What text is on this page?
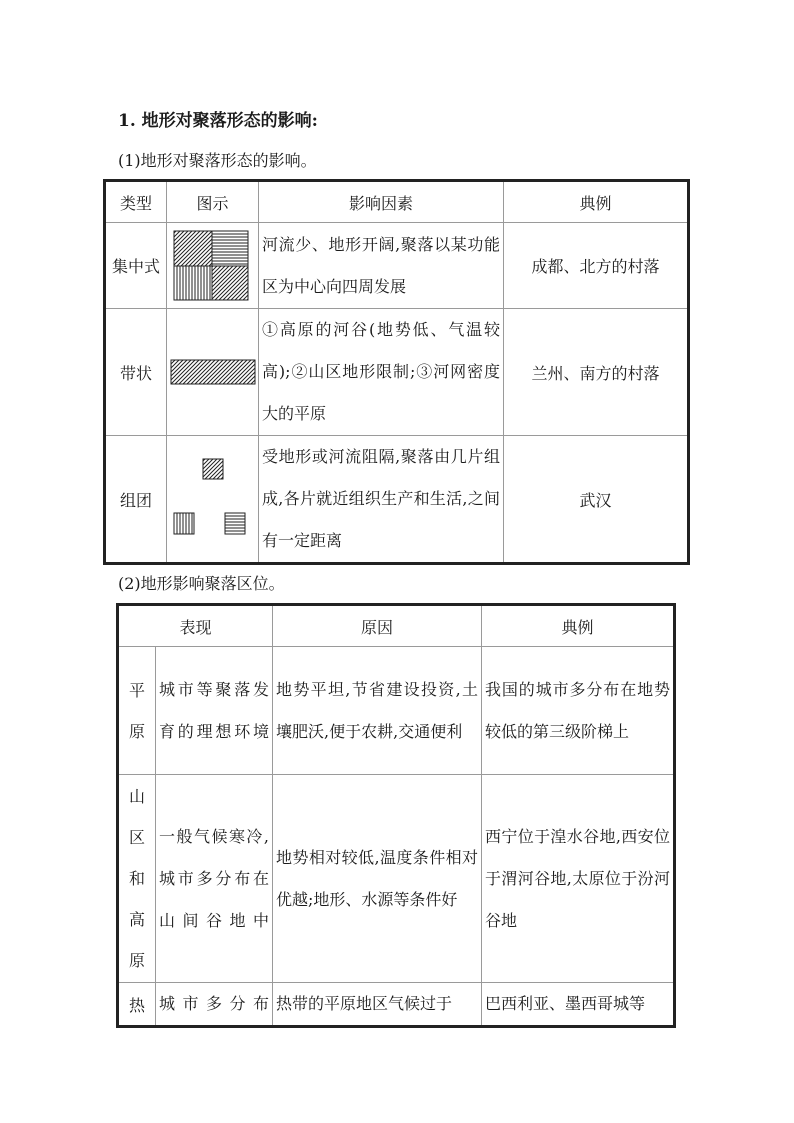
1. 地形对聚落形态的影响:
(1)地形对聚落形态的影响。
类型	图示	影响因素	典例
集中式		河流少、地形开阔,聚落以某功能区为中心向四周发展	成都、北方的村落
带状		①高原的河谷(地势低、气温较高);②山区地形限制;③河网密度大的平原	兰州、南方的村落
组团		受地形或河流阻隔,聚落由几片组成,各片就近组织生产和生活,之间有一定距离	武汉
(2)地形影响聚落区位。
表现		原因	典例

平原	城市等聚落发育的理想环境	地势平坦,节省建设投资,土壤肥沃,便于农耕,交通便利	我国的城市多分布在地势较低的第三级阶梯上

山区和高原	一般气候寒冷,城市多分布在山间谷地中	地势相对较低,温度条件相对优越;地形、水源等条件好	西宁位于湟水谷地,西安位于渭河谷地,太原位于汾河谷地
热	城市多分布	热带的平原地区气候过于	巴西利亚、墨西哥城等
